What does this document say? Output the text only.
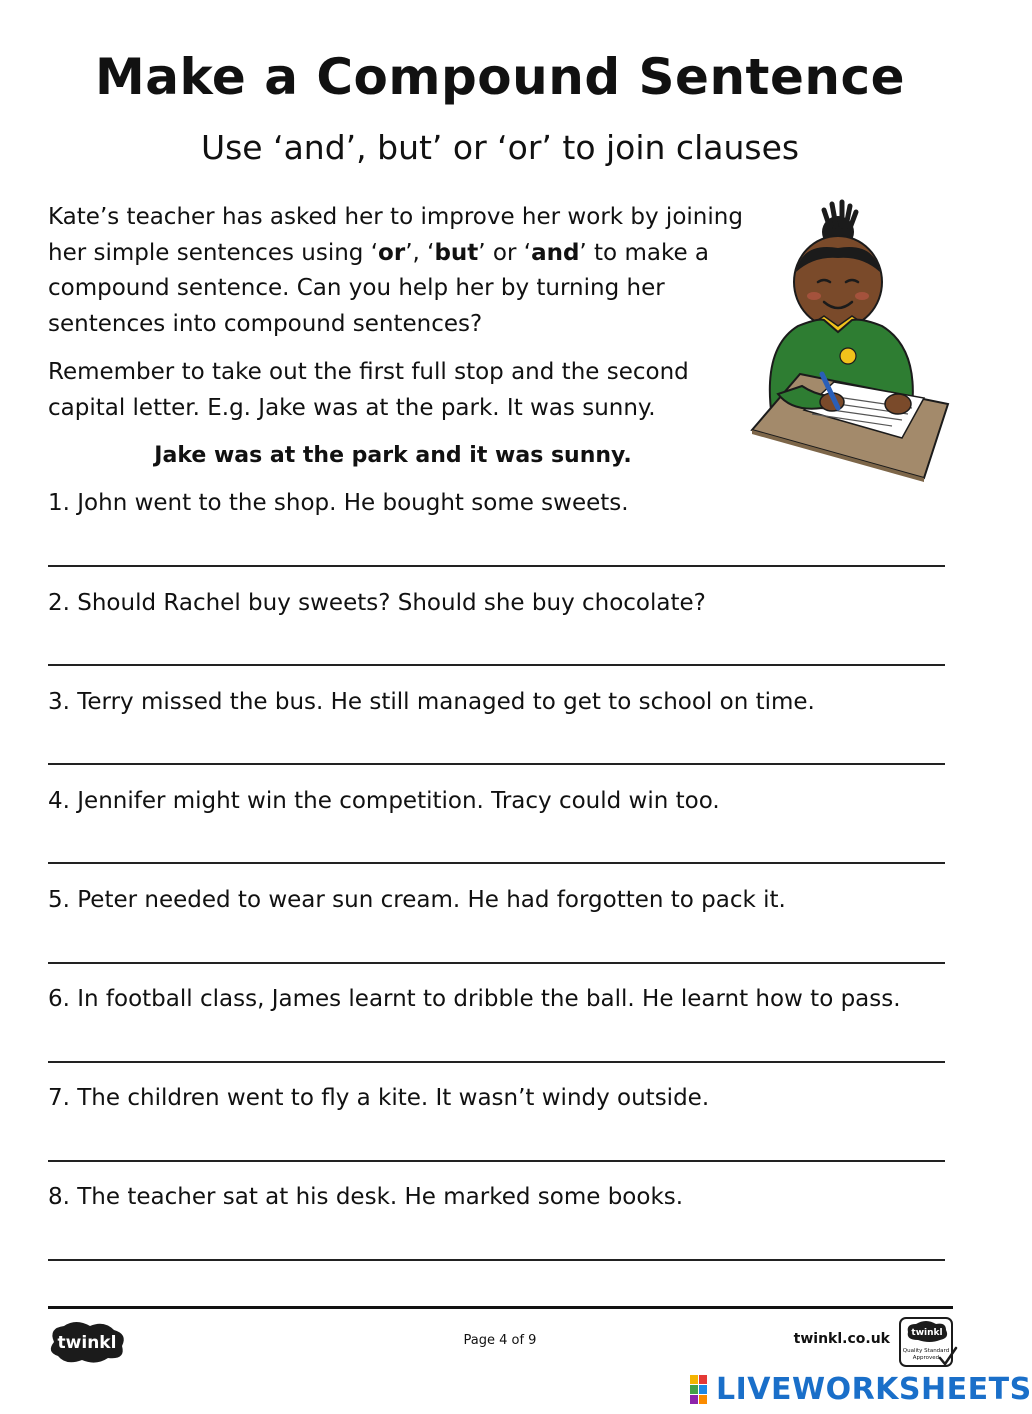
Make a Compound Sentence
Use ‘and’, but’ or ‘or’ to join clauses

Kate’s teacher has asked her to improve her work by joining her simple sentences using ‘or’, ‘but’ or ‘and’ to make a compound sentence. Can you help her by turning her sentences into compound sentences?

Remember to take out the first full stop and the second capital letter. E.g. Jake was at the park. It was sunny.

Jake was at the park and it was sunny.

1. John went to the shop. He bought some sweets.
2. Should Rachel buy sweets? Should she buy chocolate?
3. Terry missed the bus. He still managed to get to school on time.
4. Jennifer might win the competition. Tracy could win too.
5. Peter needed to wear sun cream. He had forgotten to pack it.
6. In football class, James learnt to dribble the ball. He learnt how to pass.
7. The children went to fly a kite. It wasn’t windy outside.
8. The teacher sat at his desk. He marked some books.
twinkl	Page 4 of 9	twinkl.co.uk twinkl
Quality Standard
Approved
LIVEWORKSHEETS
